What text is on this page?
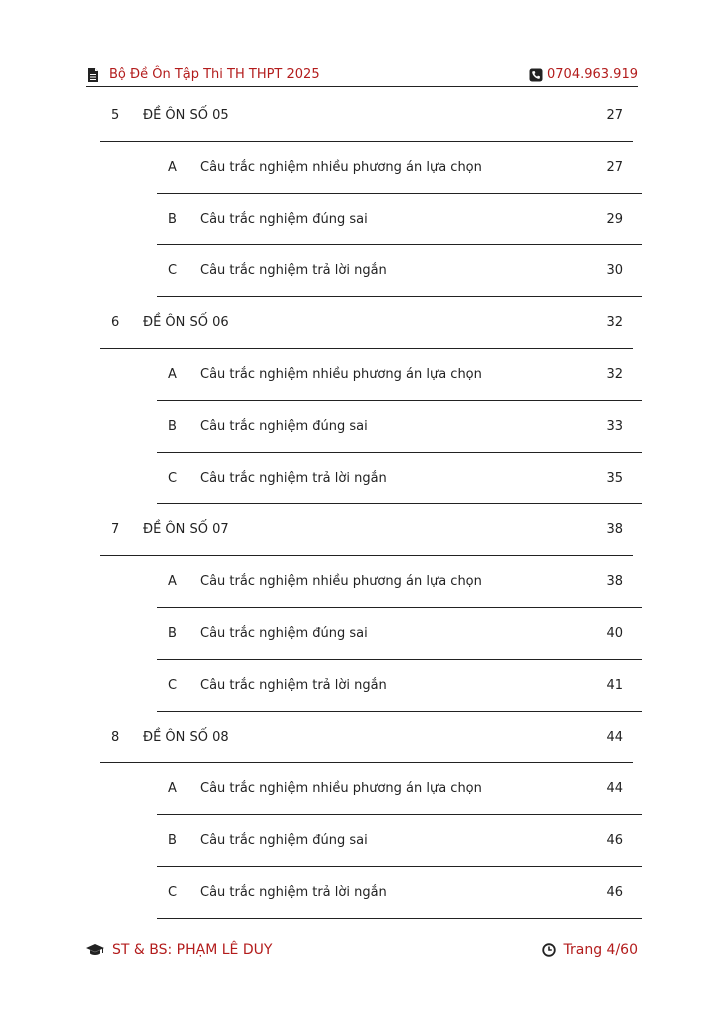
Bộ Đề Ôn Tập Thi TH THPT 2025	0704.963.919
5 ĐỀ ÔN SỐ 05	27
A Câu trắc nghiệm nhiều phương án lựa chọn	27
B Câu trắc nghiệm đúng sai	29
C Câu trắc nghiệm trả lời ngắn	30
6 ĐỀ ÔN SỐ 06	32
A Câu trắc nghiệm nhiều phương án lựa chọn	32
B Câu trắc nghiệm đúng sai	33
C Câu trắc nghiệm trả lời ngắn	35
7 ĐỀ ÔN SỐ 07	38
A Câu trắc nghiệm nhiều phương án lựa chọn	38
B Câu trắc nghiệm đúng sai	40
C Câu trắc nghiệm trả lời ngắn	41
8 ĐỀ ÔN SỐ 08	44
A Câu trắc nghiệm nhiều phương án lựa chọn	44
B Câu trắc nghiệm đúng sai	46
C Câu trắc nghiệm trả lời ngắn	46
ST & BS: PHẠM LÊ DUY	Trang 4/60
